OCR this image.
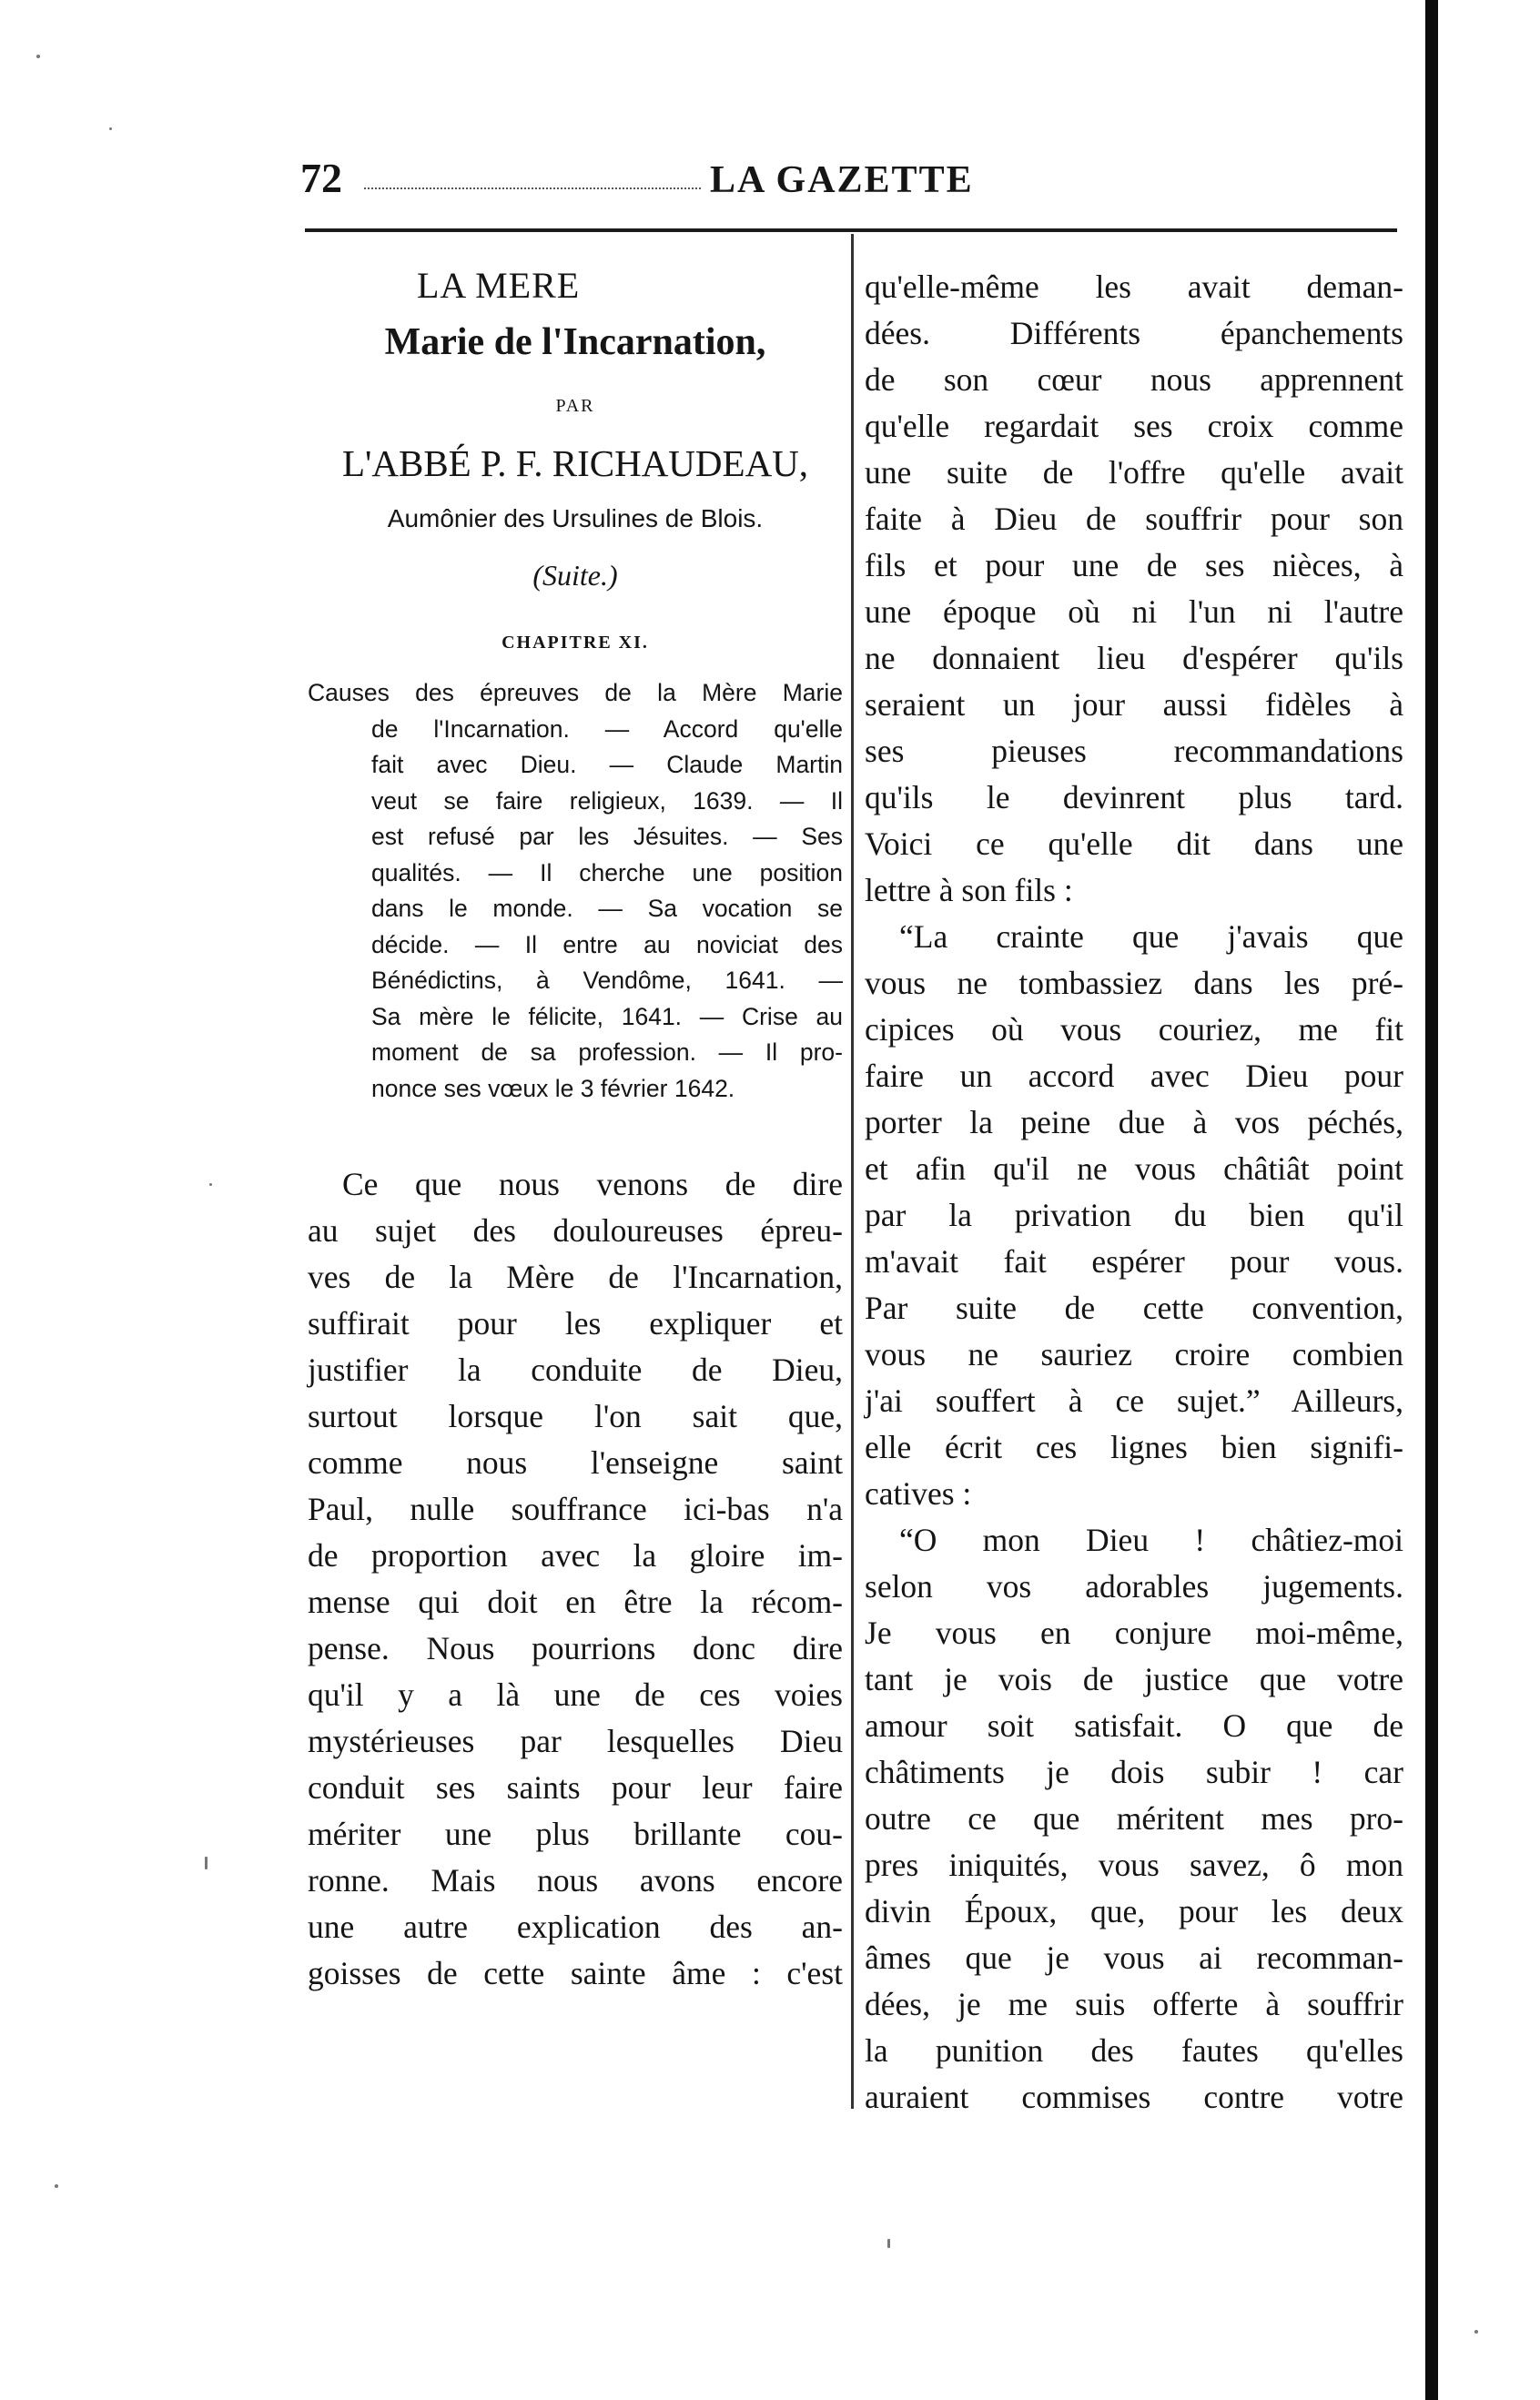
72	LA GAZETTE
LA MERE
Marie de l'Incarnation,
PAR
L'ABBÉ P. F. RICHAUDEAU,
Aumônier des Ursulines de Blois.
(Suite.)
CHAPITRE XI.
Causes des épreuves de la Mère Marie
de l'Incarnation. — Accord qu'elle
fait avec Dieu. — Claude Martin
veut se faire religieux, 1639. — Il
est refusé par les Jésuites. — Ses
qualités. — Il cherche une position
dans le monde. — Sa vocation se
décide. — Il entre au noviciat des
Bénédictins, à Vendôme, 1641. —
Sa mère le félicite, 1641. — Crise au
moment de sa profession. — Il pro-
nonce ses vœux le 3 février 1642.
Ce que nous venons de dire
au sujet des douloureuses épreu-
ves de la Mère de l'Incarnation,
suffirait pour les expliquer et
justifier la conduite de Dieu,
surtout lorsque l'on sait que,
comme nous l'enseigne saint
Paul, nulle souffrance ici-bas n'a
de proportion avec la gloire im-
mense qui doit en être la récom-
pense. Nous pourrions donc dire
qu'il y a là une de ces voies
mystérieuses par lesquelles Dieu
conduit ses saints pour leur faire
mériter une plus brillante cou-
ronne. Mais nous avons encore
une autre explication des an-
goisses de cette sainte âme : c'est
qu'elle-même les avait deman-
dées. Différents épanchements
de son cœur nous apprennent
qu'elle regardait ses croix comme
une suite de l'offre qu'elle avait
faite à Dieu de souffrir pour son
fils et pour une de ses nièces, à
une époque où ni l'un ni l'autre
ne donnaient lieu d'espérer qu'ils
seraient un jour aussi fidèles à
ses pieuses recommandations
qu'ils le devinrent plus tard.
Voici ce qu'elle dit dans une
lettre à son fils :
“La crainte que j'avais que
vous ne tombassiez dans les pré-
cipices où vous couriez, me fit
faire un accord avec Dieu pour
porter la peine due à vos péchés,
et afin qu'il ne vous châtiât point
par la privation du bien qu'il
m'avait fait espérer pour vous.
Par suite de cette convention,
vous ne sauriez croire combien
j'ai souffert à ce sujet.” Ailleurs,
elle écrit ces lignes bien signifi-
catives :
“O mon Dieu ! châtiez-moi
selon vos adorables jugements.
Je vous en conjure moi-même,
tant je vois de justice que votre
amour soit satisfait. O que de
châtiments je dois subir ! car
outre ce que méritent mes pro-
pres iniquités, vous savez, ô mon
divin Époux, que, pour les deux
âmes que je vous ai recomman-
dées, je me suis offerte à souffrir
la punition des fautes qu'elles
auraient commises contre votre
